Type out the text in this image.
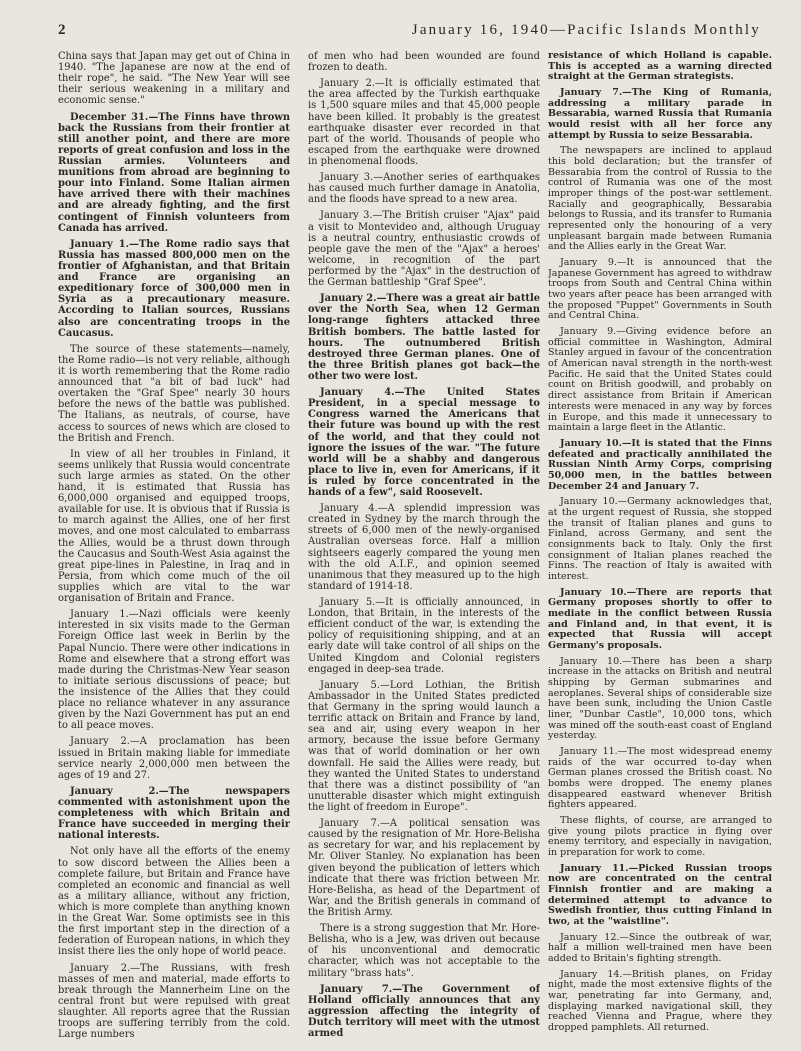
2	January 16, 1940—Pacific Islands Monthly

China says that Japan may get out of China in 1940. "The Japanese are now at the end of their rope", he said. "The New Year will see their serious weakening in a military and economic sense."

December 31.—The Finns have thrown back the Russians from their frontier at still another point, and there are more reports of great confusion and loss in the Russian armies. Volunteers and munitions from abroad are beginning to pour into Finland. Some Italian airmen have arrived there with their machines and are already fighting, and the first contingent of Finnish volunteers from Canada has arrived.

January 1.—The Rome radio says that Russia has massed 800,000 men on the frontier of Afghanistan, and that Britain and France are organising an expeditionary force of 300,000 men in Syria as a precautionary measure. According to Italian sources, Russians also are concentrating troops in the Caucasus.

The source of these statements—namely, the Rome radio—is not very reliable, although it is worth remembering that the Rome radio announced that "a bit of bad luck" had overtaken the "Graf Spee" nearly 30 hours before the news of the battle was published. The Italians, as neutrals, of course, have access to sources of news which are closed to the British and French.

In view of all her troubles in Finland, it seems unlikely that Russia would concentrate such large armies as stated. On the other hand, it is estimated that Russia has 6,000,000 organised and equipped troops, available for use. It is obvious that if Russia is to march against the Allies, one of her first moves, and one most calculated to embarrass the Allies, would be a thrust down through the Caucasus and South-West Asia against the great pipe-lines in Palestine, in Iraq and in Persia, from which come much of the oil supplies which are vital to the war organisation of Britain and France.

January 1.—Nazi officials were keenly interested in six visits made to the German Foreign Office last week in Berlin by the Papal Nuncio. There were other indications in Rome and elsewhere that a strong effort was made during the Christmas-New Year season to initiate serious discussions of peace; but the insistence of the Allies that they could place no reliance whatever in any assurance given by the Nazi Government has put an end to all peace moves.

January 2.—A proclamation has been issued in Britain making liable for immediate service nearly 2,000,000 men between the ages of 19 and 27.

January 2.—The newspapers commented with astonishment upon the completeness with which Britain and France have succeeded in merging their national interests.

Not only have all the efforts of the enemy to sow discord between the Allies been a complete failure, but Britain and France have completed an economic and financial as well as a military alliance, without any friction, which is more complete than anything known in the Great War. Some optimists see in this the first important step in the direction of a federation of European nations, in which they insist there lies the only hope of world peace.

January 2.—The Russians, with fresh masses of men and material, made efforts to break through the Mannerheim Line on the central front but were repulsed with great slaughter. All reports agree that the Russian troops are suffering terribly from the cold. Large numbers

of men who had been wounded are found frozen to death.

January 2.—It is officially estimated that the area affected by the Turkish earthquake is 1,500 square miles and that 45,000 people have been killed. It probably is the greatest earthquake disaster ever recorded in that part of the world. Thousands of people who escaped from the earthquake were drowned in phenomenal floods.

January 3.—Another series of earthquakes has caused much further damage in Anatolia, and the floods have spread to a new area.

January 3.—The British cruiser "Ajax" paid a visit to Montevideo and, although Uruguay is a neutral country, enthusiastic crowds of people gave the men of the "Ajax" a heroes' welcome, in recognition of the part performed by the "Ajax" in the destruction of the German battleship "Graf Spee".

January 2.—There was a great air battle over the North Sea, when 12 German long-range fighters attacked three British bombers. The battle lasted for hours. The outnumbered British destroyed three German planes. One of the three British planes got back—the other two were lost.

January 4.—The United States President, in a special message to Congress warned the Americans that their future was bound up with the rest of the world, and that they could not ignore the issues of the war. "The future world will be a shabby and dangerous place to live in, even for Americans, if it is ruled by force concentrated in the hands of a few", said Roosevelt.

January 4.—A splendid impression was created in Sydney by the march through the streets of 6,000 men of the newly-organised Australian overseas force. Half a million sightseers eagerly compared the young men with the old A.I.F., and opinion seemed unanimous that they measured up to the high standard of 1914-18.

January 5.—It is officially announced, in London, that Britain, in the interests of the efficient conduct of the war, is extending the policy of requisitioning shipping, and at an early date will take control of all ships on the United Kingdom and Colonial registers engaged in deep-sea trade.

January 5.—Lord Lothian, the British Ambassador in the United States predicted that Germany in the spring would launch a terrific attack on Britain and France by land, sea and air, using every weapon in her armory, because the issue before Germany was that of world domination or her own downfall. He said the Allies were ready, but they wanted the United States to understand that there was a distinct possibility of "an unutterable disaster which might extinguish the light of freedom in Europe".

January 7.—A political sensation was caused by the resignation of Mr. Hore-Belisha as secretary for war, and his replacement by Mr. Oliver Stanley. No explanation has been given beyond the publication of letters which indicate that there was friction between Mr. Hore-Belisha, as head of the Department of War, and the British generals in command of the British Army.

There is a strong suggestion that Mr. Hore-Belisha, who is a Jew, was driven out because of his unconventional and democratic character, which was not acceptable to the military "brass hats".

January 7.—The Government of Holland officially announces that any aggression affecting the integrity of Dutch territory will meet with the utmost armed

resistance of which Holland is capable. This is accepted as a warning directed straight at the German strategists.

January 7.—The King of Rumania, addressing a military parade in Bessarabia, warned Russia that Rumania would resist with all her force any attempt by Russia to seize Bessarabia.

The newspapers are inclined to applaud this bold declaration; but the transfer of Bessarabia from the control of Russia to the control of Rumania was one of the most improper things of the post-war settlement. Racially and geographically, Bessarabia belongs to Russia, and its transfer to Rumania represented only the honouring of a very unpleasant bargain made between Rumania and the Allies early in the Great War.

January 9.—It is announced that the Japanese Government has agreed to withdraw troops from South and Central China within two years after peace has been arranged with the proposed "Puppet" Governments in South and Central China.

January 9.—Giving evidence before an official committee in Washington, Admiral Stanley argued in favour of the concentration of American naval strength in the north-west Pacific. He said that the United States could count on British goodwill, and probably on direct assistance from Britain if American interests were menaced in any way by forces in Europe, and this made it unnecessary to maintain a large fleet in the Atlantic.

January 10.—It is stated that the Finns defeated and practically annihilated the Russian Ninth Army Corps, comprising 50,000 men, in the battles between December 24 and January 7.

January 10.—Germany acknowledges that, at the urgent request of Russia, she stopped the transit of Italian planes and guns to Finland, across Germany, and sent the consignments back to Italy. Only the first consignment of Italian planes reached the Finns. The reaction of Italy is awaited with interest.

January 10.—There are reports that Germany proposes shortly to offer to mediate in the conflict between Russia and Finland and, in that event, it is expected that Russia will accept Germany's proposals.

January 10.—There has been a sharp increase in the attacks on British and neutral shipping by German submarines and aeroplanes. Several ships of considerable size have been sunk, including the Union Castle liner, "Dunbar Castle", 10,000 tons, which was mined off the south-east coast of England yesterday.

January 11.—The most widespread enemy raids of the war occurred to-day when German planes crossed the British coast. No bombs were dropped. The enemy planes disappeared eastward whenever British fighters appeared.

These flights, of course, are arranged to give young pilots practice in flying over enemy territory, and especially in navigation, in preparation for work to come.

January 11.—Picked Russian troops now are concentrated on the central Finnish frontier and are making a determined attempt to advance to Swedish frontier, thus cutting Finland in two, at the "waistline".

January 12.—Since the outbreak of war, half a million well-trained men have been added to Britain's fighting strength.

January 14.—British planes, on Friday night, made the most extensive flights of the war, penetrating far into Germany, and, displaying marked navigational skill, they reached Vienna and Prague, where they dropped pamphlets. All returned.
